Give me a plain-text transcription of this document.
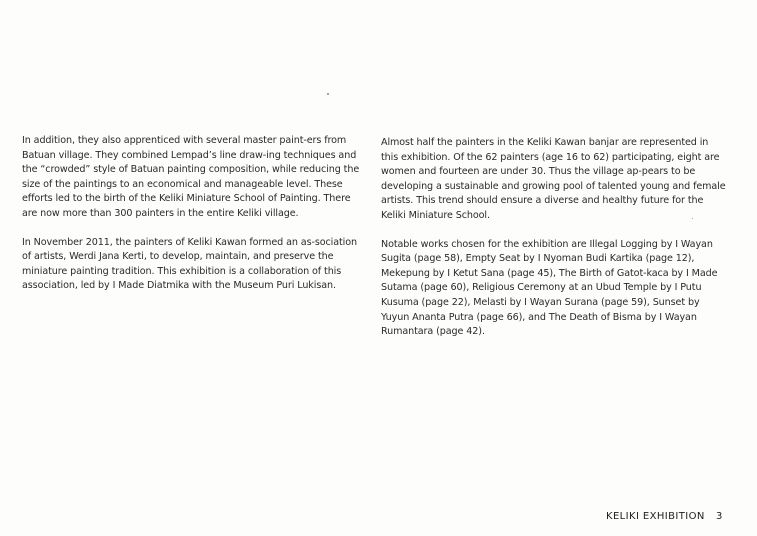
In addition, they also apprenticed with several master paint-ers from Batuan village. They combined Lempad’s line draw-ing techniques and the “crowded” style of Batuan painting composition, while reducing the size of the paintings to an economical and manageable level. These efforts led to the birth of the Keliki Miniature School of Painting. There are now more than 300 painters in the entire Keliki village.

In November 2011, the painters of Keliki Kawan formed an as-sociation of artists, Werdi Jana Kerti, to develop, maintain, and preserve the miniature painting tradition. This exhibition is a collaboration of this association, led by I Made Diatmika with the Museum Puri Lukisan.

Almost half the painters in the Keliki Kawan banjar are represented in this exhibition. Of the 62 painters (age 16 to 62) participating, eight are women and fourteen are under 30. Thus the village ap-pears to be developing a sustainable and growing pool of talented young and female artists. This trend should ensure a diverse and healthy future for the Keliki Miniature School.

Notable works chosen for the exhibition are Illegal Logging by I Wayan Sugita (page 58), Empty Seat by I Nyoman Budi Kartika (page 12), Mekepung by I Ketut Sana (page 45), The Birth of Gatot-kaca by I Made Sutama (page 60), Religious Ceremony at an Ubud Temple by I Putu Kusuma (page 22), Melasti by I Wayan Surana (page 59), Sunset by Yuyun Ananta Putra (page 66), and The Death of Bisma by I Wayan Rumantara (page 42).

KELIKI EXHIBITION 3
